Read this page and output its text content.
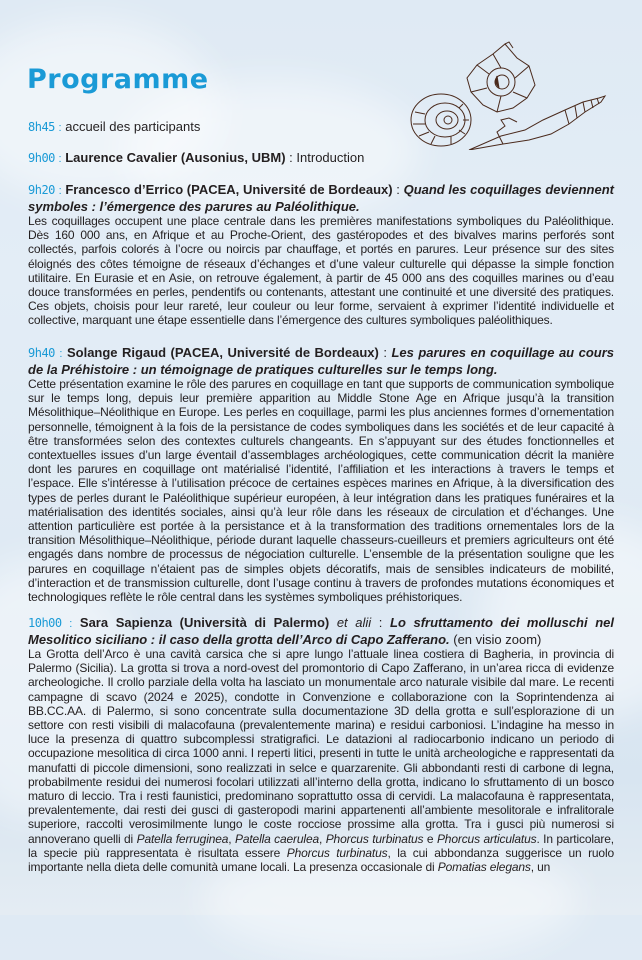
Programme

8h45 : accueil des participants

9h00 : Laurence Cavalier (Ausonius, UBM) : Introduction

9h20 : Francesco d’Errico (PACEA, Université de Bordeaux) : Quand les coquillages deviennent symboles : l’émergence des parures au Paléolithique.

Les coquillages occupent une place centrale dans les premières manifestations symboliques du Paléolithique. Dès 160 000 ans, en Afrique et au Proche-Orient, des gastéropodes et des bivalves marins perforés sont collectés, parfois colorés à l’ocre ou noircis par chauffage, et portés en parures. Leur présence sur des sites éloignés des côtes témoigne de réseaux d’échanges et d’une valeur culturelle qui dépasse la simple fonction utilitaire. En Eurasie et en Asie, on retrouve également, à partir de 45 000 ans des coquilles marines ou d’eau douce transformées en perles, pendentifs ou contenants, attestant une continuité et une diversité des pratiques. Ces objets, choisis pour leur rareté, leur couleur ou leur forme, servaient à exprimer l’identité individuelle et collective, marquant une étape essentielle dans l’émergence des cultures symboliques paléolithiques.

9h40 : Solange Rigaud (PACEA, Université de Bordeaux) : Les parures en coquillage au cours de la Préhistoire : un témoignage de pratiques culturelles sur le temps long.

Cette présentation examine le rôle des parures en coquillage en tant que supports de communication symbolique sur le temps long, depuis leur première apparition au Middle Stone Age en Afrique jusqu’à la transition Mésolithique–Néolithique en Europe. Les perles en coquillage, parmi les plus anciennes formes d’ornementation personnelle, témoignent à la fois de la persistance de codes symboliques dans les sociétés et de leur capacité à être transformées selon des contextes culturels changeants. En s’appuyant sur des études fonctionnelles et contextuelles issues d’un large éventail d’assemblages archéologiques, cette communication décrit la manière dont les parures en coquillage ont matérialisé l’identité, l’affiliation et les interactions à travers le temps et l’espace. Elle s’intéresse à l’utilisation précoce de certaines espèces marines en Afrique, à la diversification des types de perles durant le Paléolithique supérieur européen, à leur intégration dans les pratiques funéraires et la matérialisation des identités sociales, ainsi qu’à leur rôle dans les réseaux de circulation et d’échanges. Une attention particulière est portée à la persistance et à la transformation des traditions ornementales lors de la transition Mésolithique–Néolithique, période durant laquelle chasseurs-cueilleurs et premiers agriculteurs ont été engagés dans nombre de processus de négociation culturelle. L’ensemble de la présentation souligne que les parures en coquillage n’étaient pas de simples objets décoratifs, mais de sensibles indicateurs de mobilité, d’interaction et de transmission culturelle, dont l’usage continu à travers de profondes mutations économiques et technologiques reflète le rôle central dans les systèmes symboliques préhistoriques.

10h00 : Sara Sapienza (Università di Palermo) et alii : Lo sfruttamento dei molluschi nel Mesolitico siciliano : il caso della grotta dell’Arco di Capo Zafferano. (en visio zoom)

La Grotta dell’Arco è una cavità carsica che si apre lungo l’attuale linea costiera di Bagheria, in provincia di Palermo (Sicilia). La grotta si trova a nord-ovest del promontorio di Capo Zafferano, in un’area ricca di evidenze archeologiche. Il crollo parziale della volta ha lasciato un monumentale arco naturale visibile dal mare. Le recenti campagne di scavo (2024 e 2025), condotte in Convenzione e collaborazione con la Soprintendenza ai BB.CC.AA. di Palermo, si sono concentrate sulla documentazione 3D della grotta e sull’esplorazione di un settore con resti visibili di malacofauna (prevalentemente marina) e residui carboniosi. L’indagine ha messo in luce la presenza di quattro subcomplessi stratigrafici. Le datazioni al radiocarbonio indicano un periodo di occupazione mesolitica di circa 1000 anni. I reperti litici, presenti in tutte le unità archeologiche e rappresentati da manufatti di piccole dimensioni, sono realizzati in selce e quarzarenite. Gli abbondanti resti di carbone di legna, probabilmente residui dei numerosi focolari utilizzati all’interno della grotta, indicano lo sfruttamento di un bosco maturo di leccio. Tra i resti faunistici, predominano soprattutto ossa di cervidi. La malacofauna è rappresentata, prevalentemente, dai resti dei gusci di gasteropodi marini appartenenti all’ambiente mesolitorale e infralitorale superiore, raccolti verosimilmente lungo le coste rocciose prossime alla grotta. Tra i gusci più numerosi si annoverano quelli di Patella ferruginea, Patella caerulea, Phorcus turbinatus e Phorcus articulatus. In particolare, la specie più rappresentata è risultata essere Phorcus turbinatus, la cui abbondanza suggerisce un ruolo importante nella dieta delle comunità umane locali. La presenza occasionale di Pomatias elegans, un
